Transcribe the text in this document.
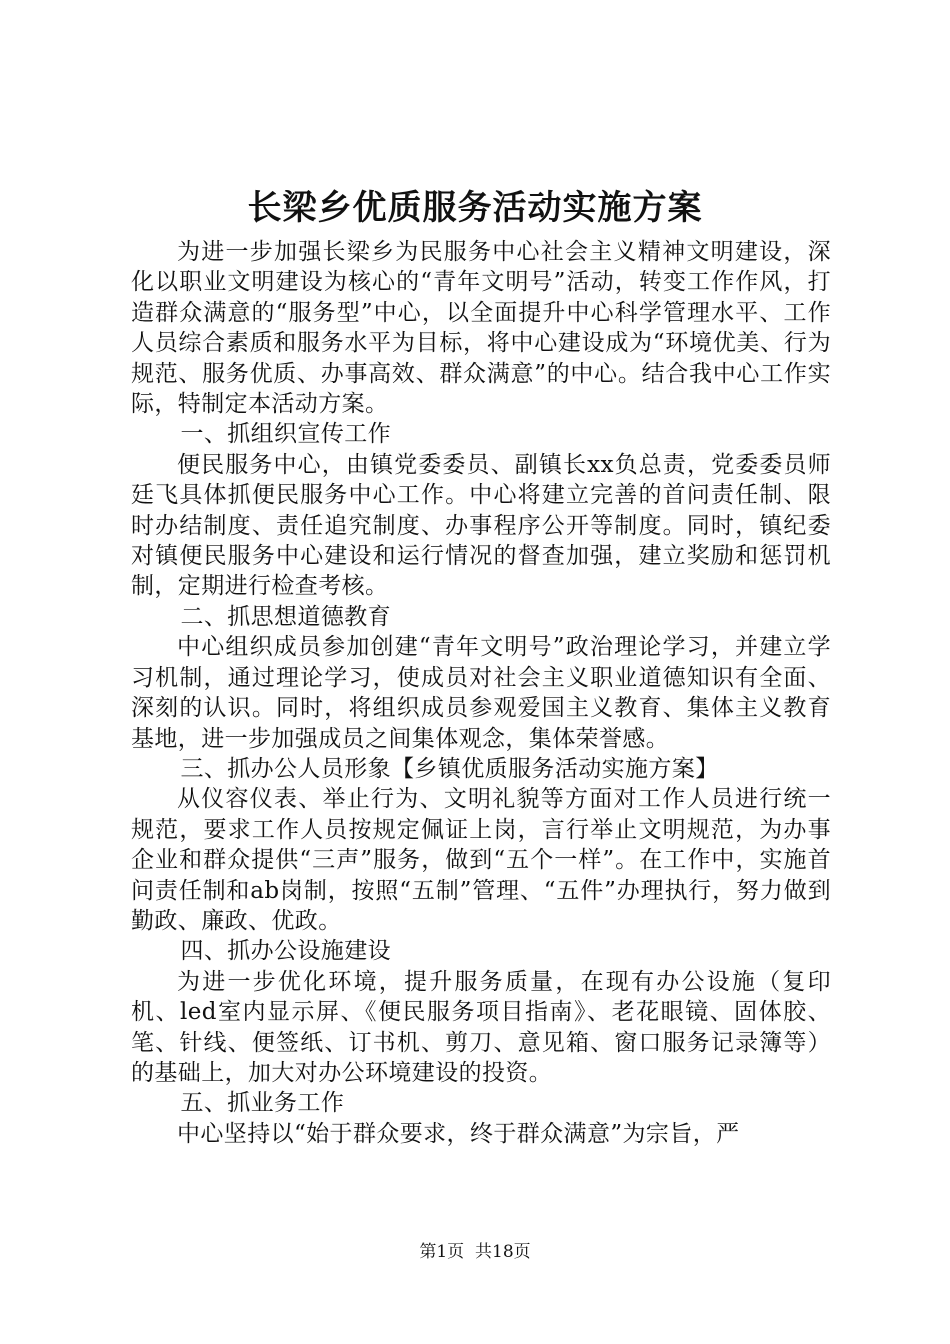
长梁乡优质服务活动实施方案

为进一步加强长梁乡为民服务中心社会主义精神文明建设，深化以职业文明建设为核心的“青年文明号”活动，转变工作作风，打造群众满意的“服务型”中心，以全面提升中心科学管理水平、工作人员综合素质和服务水平为目标，将中心建设成为“环境优美、行为规范、服务优质、办事高效、群众满意”的中心。结合我中心工作实际，特制定本活动方案。

一、抓组织宣传工作

便民服务中心，由镇党委委员、副镇长xx负总责，党委委员师廷飞具体抓便民服务中心工作。中心将建立完善的首问责任制、限时办结制度、责任追究制度、办事程序公开等制度。同时，镇纪委对镇便民服务中心建设和运行情况的督查加强，建立奖励和惩罚机制，定期进行检查考核。

二、抓思想道德教育

中心组织成员参加创建“青年文明号”政治理论学习，并建立学习机制，通过理论学习，使成员对社会主义职业道德知识有全面、深刻的认识。同时，将组织成员参观爱国主义教育、集体主义教育基地，进一步加强成员之间集体观念，集体荣誉感。

三、抓办公人员形象【乡镇优质服务活动实施方案】

从仪容仪表、举止行为、文明礼貌等方面对工作人员进行统一规范，要求工作人员按规定佩证上岗，言行举止文明规范，为办事企业和群众提供“三声”服务，做到“五个一样”。在工作中，实施首问责任制和ab岗制，按照“五制”管理、“五件”办理执行，努力做到勤政、廉政、优政。

四、抓办公设施建设

为进一步优化环境，提升服务质量，在现有办公设施（复印机、led室内显示屏、《便民服务项目指南》、老花眼镜、固体胶、笔、针线、便签纸、订书机、剪刀、意见箱、窗口服务记录簿等）的基础上，加大对办公环境建设的投资。

五、抓业务工作

中心坚持以“始于群众要求，终于群众满意”为宗旨，严

第1页 共18页
